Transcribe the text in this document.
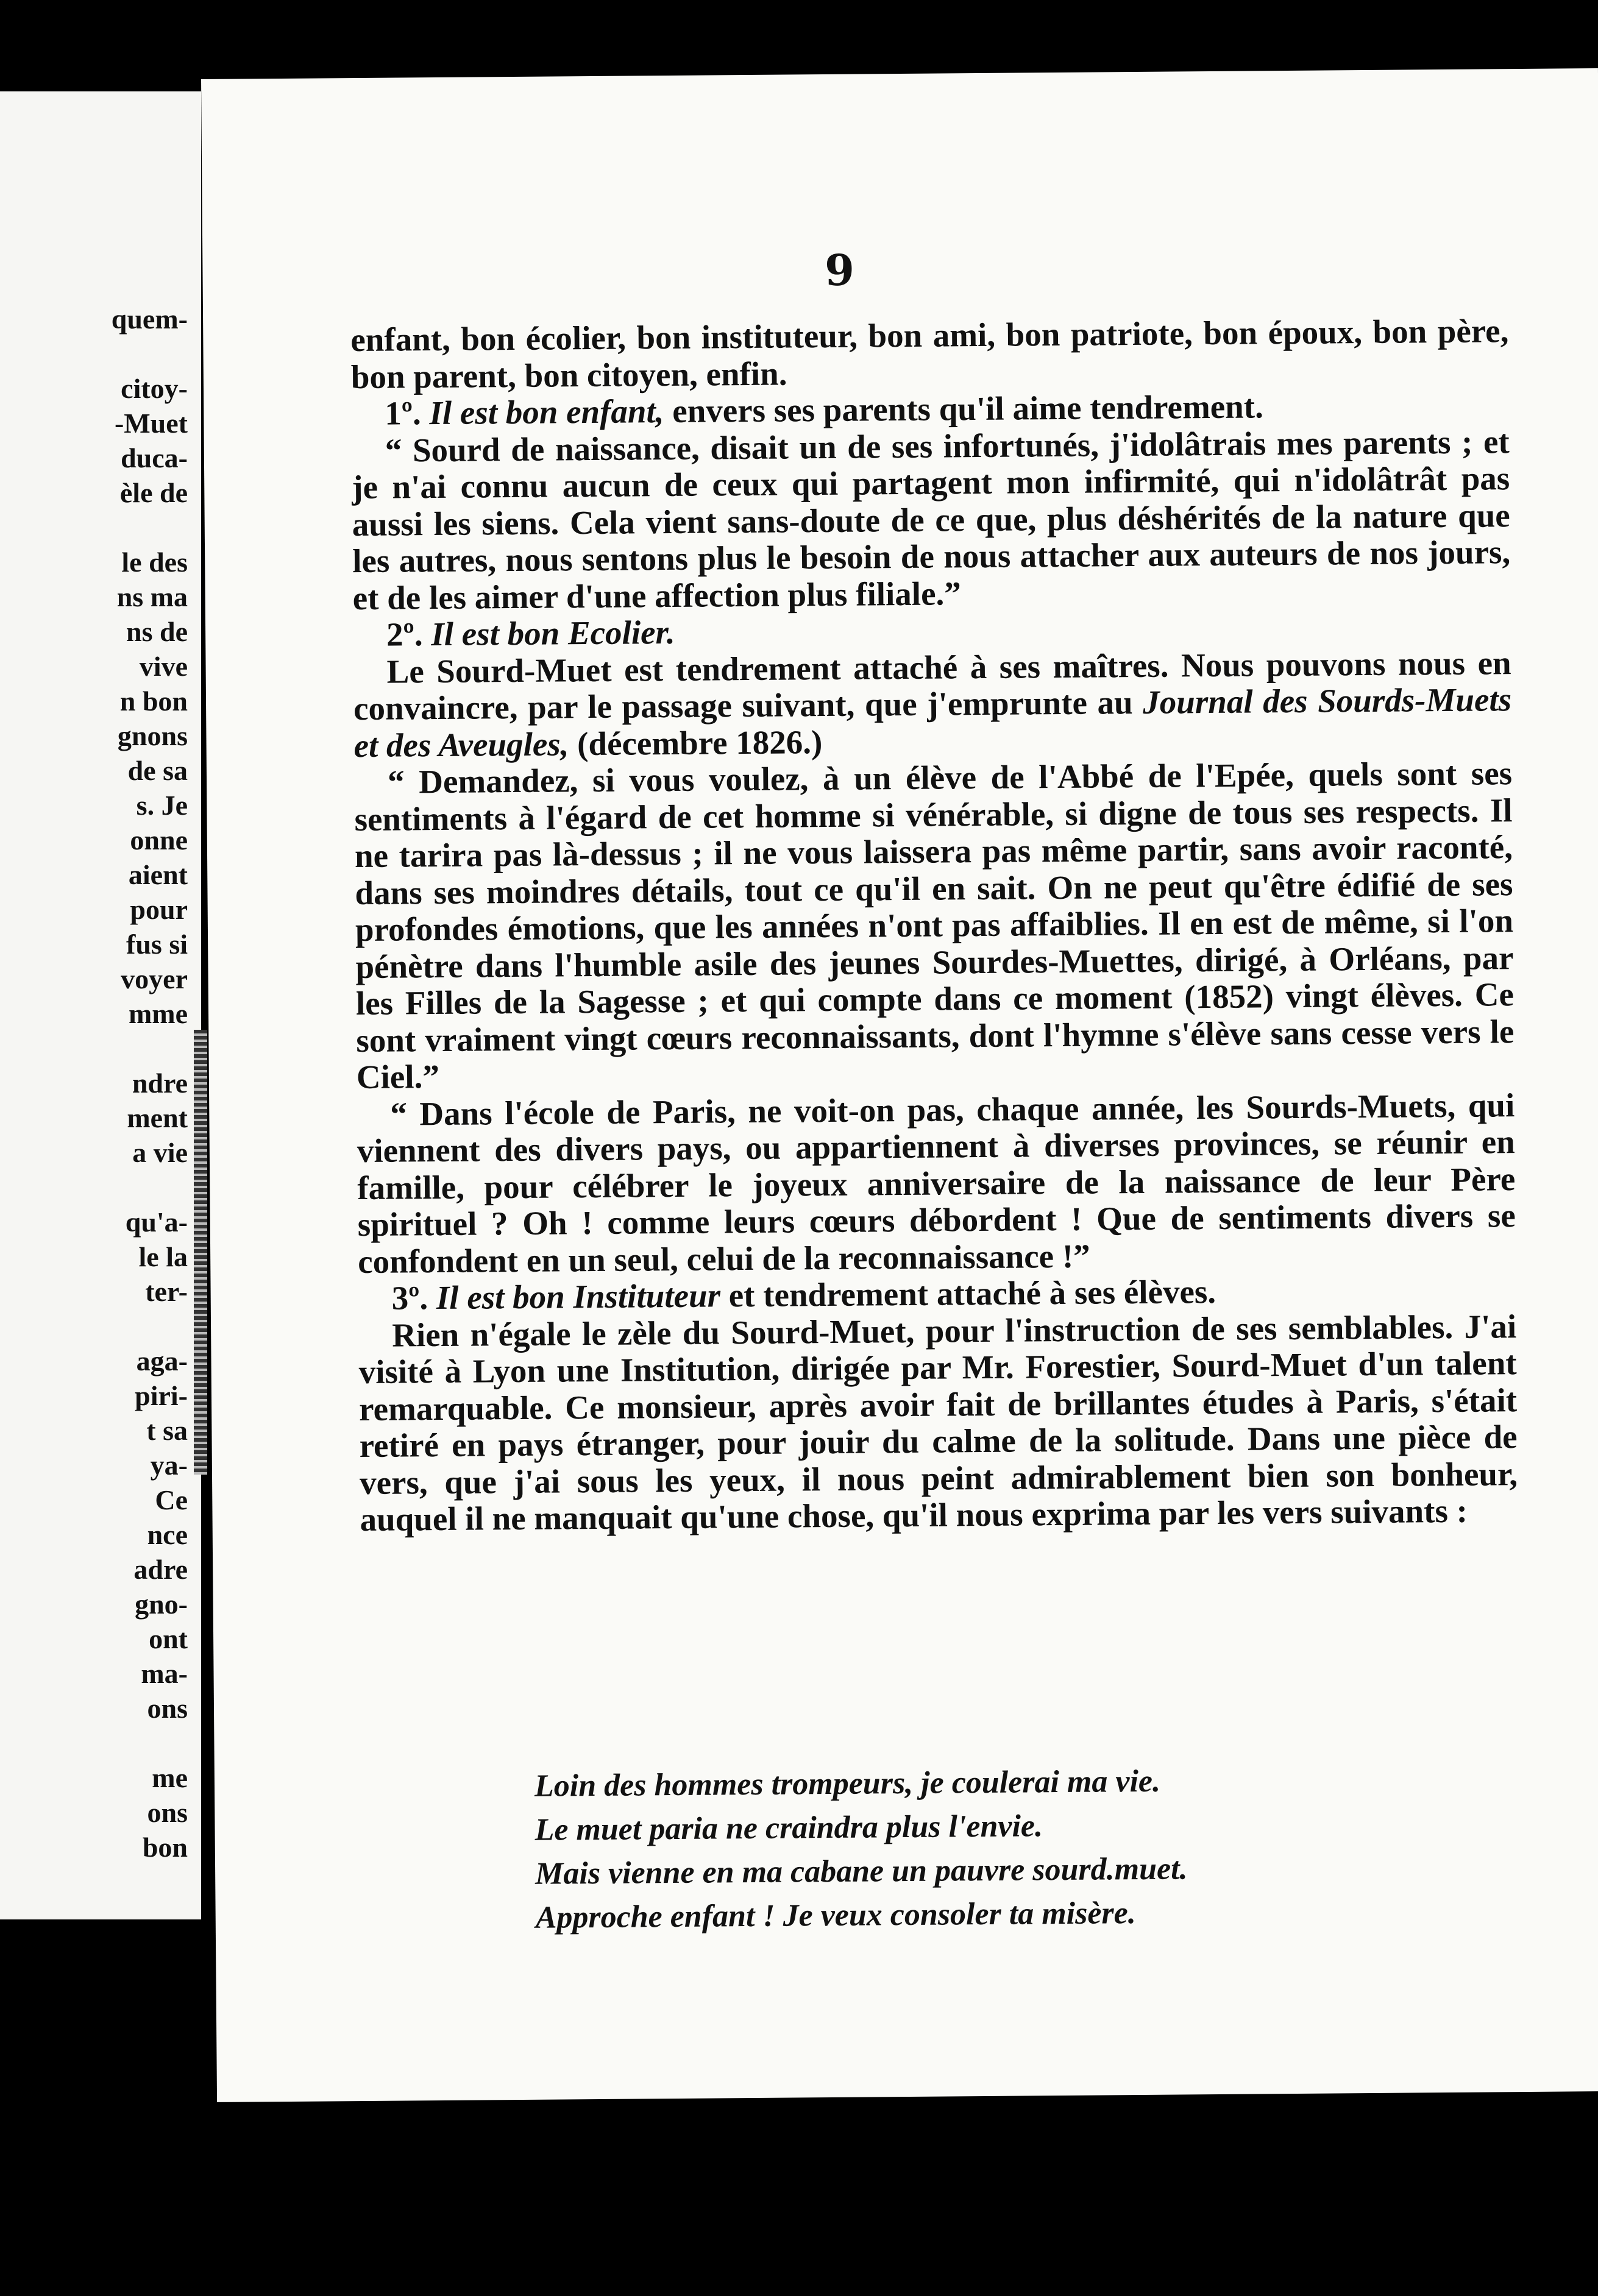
quem-

citoy-
-Muet
duca-
èle de

le des
ns ma
ns de
vive
n bon
gnons
de sa
s. Je
onne
aient
pour
fus si
voyer
mme

ndre
ment
a vie

qu'a-
le la
ter-

aga-
piri-
t sa
ya-
Ce
nce
adre
gno-
ont
ma-
ons

me
ons
bon
9

enfant, bon écolier, bon instituteur, bon ami, bon patriote, bon époux, bon père, bon parent, bon citoyen, enfin.

1º. Il est bon enfant, envers ses parents qu'il aime tendrement.

“ Sourd de naissance, disait un de ses infortunés, j'idolâtrais mes parents ; et je n'ai connu aucun de ceux qui partagent mon infirmité, qui n'idolâtrât pas aussi les siens. Cela vient sans-doute de ce que, plus déshérités de la nature que les autres, nous sentons plus le besoin de nous attacher aux auteurs de nos jours, et de les aimer d'une affection plus filiale.”

2º. Il est bon Ecolier.

Le Sourd-Muet est tendrement attaché à ses maîtres. Nous pouvons nous en convaincre, par le passage suivant, que j'emprunte au Journal des Sourds-Muets et des Aveugles, (décembre 1826.)

“ Demandez, si vous voulez, à un élève de l'Abbé de l'Epée, quels sont ses sentiments à l'égard de cet homme si vénérable, si digne de tous ses respects. Il ne tarira pas là-dessus ; il ne vous laissera pas même partir, sans avoir raconté, dans ses moindres détails, tout ce qu'il en sait. On ne peut qu'être édifié de ses profondes émotions, que les années n'ont pas affaiblies. Il en est de même, si l'on pénètre dans l'humble asile des jeunes Sourdes-Muettes, dirigé, à Orléans, par les Filles de la Sagesse ; et qui compte dans ce moment (1852) vingt élèves. Ce sont vraiment vingt cœurs reconnaissants, dont l'hymne s'élève sans cesse vers le Ciel.”

“ Dans l'école de Paris, ne voit-on pas, chaque année, les Sourds-Muets, qui viennent des divers pays, ou appartiennent à diverses provinces, se réunir en famille, pour célébrer le joyeux anniversaire de la naissance de leur Père spirituel ? Oh ! comme leurs cœurs débordent ! Que de sentiments divers se confondent en un seul, celui de la reconnaissance !”

3º. Il est bon Instituteur et tendrement attaché à ses élèves.

Rien n'égale le zèle du Sourd-Muet, pour l'instruction de ses semblables. J'ai visité à Lyon une Institution, dirigée par Mr. Forestier, Sourd-Muet d'un talent remarquable. Ce monsieur, après avoir fait de brillantes études à Paris, s'était retiré en pays étranger, pour jouir du calme de la solitude. Dans une pièce de vers, que j'ai sous les yeux, il nous peint admirablement bien son bonheur, auquel il ne manquait qu'une chose, qu'il nous exprima par les vers suivants :

Loin des hommes trompeurs, je coulerai ma vie.
Le muet paria ne craindra plus l'envie.
Mais vienne en ma cabane un pauvre sourd.muet.
Approche enfant ! Je veux consoler ta misère.
